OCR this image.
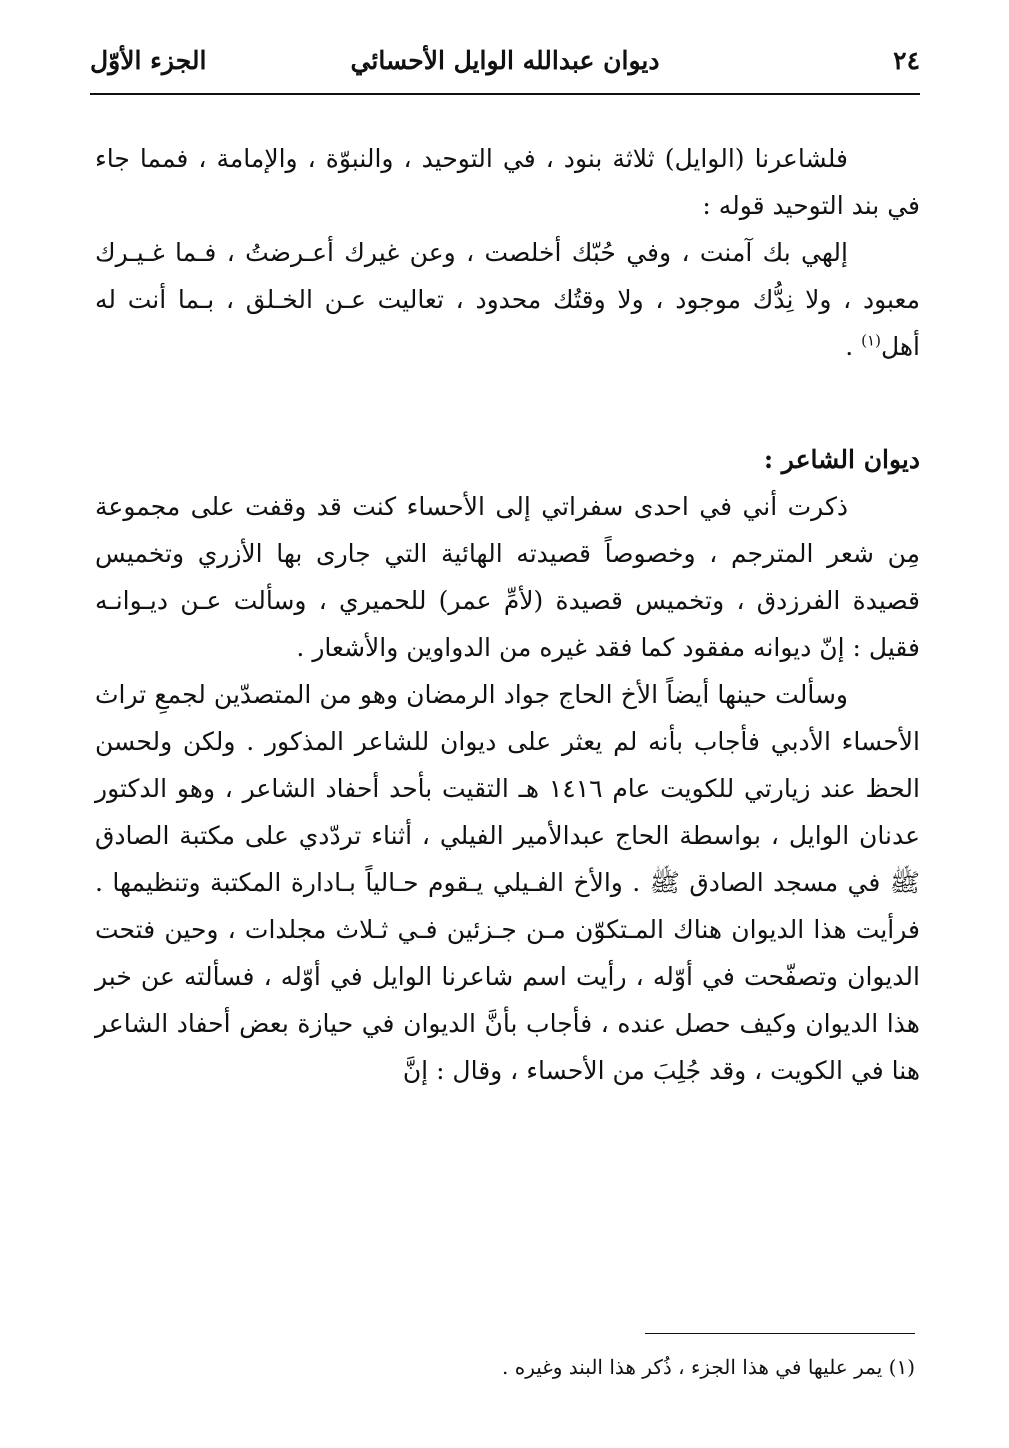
٢٤
ديوان عبدالله الوايل الأحسائي
الجزء الأوّل

فلشاعرنا (الوايل) ثلاثة بنود ، في التوحيد ، والنبوّة ، والإمامة ، فمما جاء في بند التوحيد قوله :

إلهي بك آمنت ، وفي حُبّك أخلصت ، وعن غيرك أعـرضتُ ، فـما غـيـرك معبود ، ولا نِدُّك موجود ، ولا وقتُك محدود ، تعاليت عـن الخـلق ، بـما أنت له أهل$^{(١)}$ .

ديوان الشاعر :

ذكرت أني في احدى سفراتي إلى الأحساء كنت قد وقفت على مجموعة مِن شعر المترجم ، وخصوصاً قصيدته الهائية التي جارى بها الأزري وتخميس قصيدة الفرزدق ، وتخميس قصيدة (لأمِّ عمر) للحميري ، وسألت عـن ديـوانـه فقيل : إنّ ديوانه مفقود كما فقد غيره من الدواوين والأشعار .

وسألت حينها أيضاً الأخ الحاج جواد الرمضان وهو من المتصدّين لجمعِ تراث الأحساء الأدبي فأجاب بأنه لم يعثر على ديوان للشاعر المذكور . ولكن ولحسن الحظ عند زيارتي للكويت عام ١٤١٦ هـ التقيت بأحد أحفاد الشاعر ، وهو الدكتور عدنان الوايل ، بواسطة الحاج عبدالأمير الفيلي ، أثناء تردّدي على مكتبة الصادق ﷺ في مسجد الصادق ﷺ . والأخ الفـيلي يـقوم حـالياً بـادارة المكتبة وتنظيمها . فرأيت هذا الديوان هناك المـتكوّن مـن جـزئين فـي ثـلاث مجلدات ، وحين فتحت الديوان وتصفّحت في أوّله ، رأيت اسم شاعرنا الوايل في أوّله ، فسألته عن خبر هذا الديوان وكيف حصل عنده ، فأجاب بأنَّ الديوان في حيازة بعض أحفاد الشاعر هنا في الكويت ، وقد جُلِبَ من الأحساء ، وقال : إنَّ

(١) يمر عليها في هذا الجزء ، ذُكر هذا البند وغيره .
